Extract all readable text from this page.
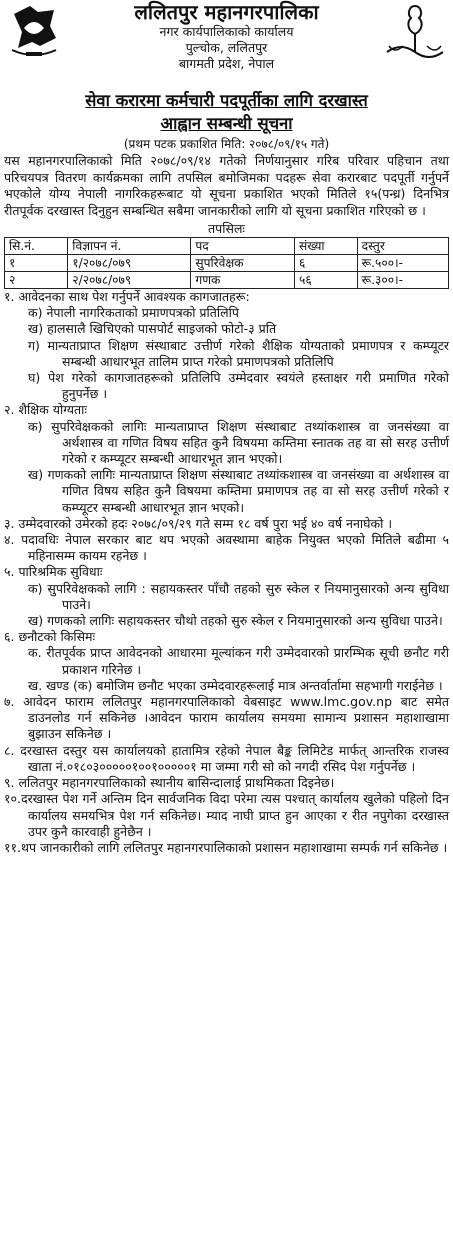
ललितपुर महानगरपालिका
नगर कार्यपालिकाको कार्यालय
पुल्चोक, ललितपुर
बागमती प्रदेश, नेपाल
सेवा करारमा कर्मचारी पदपूर्तीका लागि दरखास्त
आह्वान सम्बन्धी सूचना
(प्रथम पटक प्रकाशित मिति: २०७८/०९/१५ गते)
यस महानगरपालिकाको मिति २०७८/०९/१४ गतेको निर्णयानुसार गरिब परिवार पहिचान तथा परिचयपत्र वितरण कार्यक्रमका लागि तपसिल बमोजिमका पदहरू सेवा करारबाट पदपूर्ती गर्नुपर्ने भएकोले योग्य नेपाली नागरिकहरूबाट यो सूचना प्रकाशित भएको मितिले १५(पन्ध्र) दिनभित्र रीतपूर्वक दरखास्त दिनुहुन सम्बन्धित सबैमा जानकारीको लागि यो सूचना प्रकाशित गरिएको छ ।
तपसिलः
सि.नं.	विज्ञापन नं.	पद	संख्या	दस्तुर
१	१/२०७८/०७९	सुपरिवेक्षक	६	रू.५००।-
२	२/२०७८/०७९	गणक	५६	रू.३००।-
१. आवेदनका साथ पेश गर्नुपर्ने आवश्यक कागजातहरू:
क) नेपाली नागरिकताको प्रमाणपत्रको प्रतिलिपि
ख) हालसालै खिचिएको पासपोर्ट साइजको फोटो-३ प्रति
ग) मान्यताप्राप्त शिक्षण संस्थाबाट उत्तीर्ण गरेको शैक्षिक योग्यताको प्रमाणपत्र र कम्प्यूटर सम्बन्धी आधारभूत तालिम प्राप्त गरेको प्रमाणपत्रको प्रतिलिपि
घ) पेश गरेको कागजातहरूको प्रतिलिपि उम्मेदवार स्वयंले हस्ताक्षर गरी प्रमाणित गरेको हुनुपर्नेछ ।
२. शैक्षिक योग्यताः
क) सुपरिवेक्षकको लागिः मान्यताप्राप्त शिक्षण संस्थाबाट तथ्यांकशास्त्र वा जनसंख्या वा अर्थशास्त्र वा गणित विषय सहित कुनै विषयमा कम्तिमा स्नातक तह वा सो सरह उत्तीर्ण गरेको र कम्प्यूटर सम्बन्धी आधारभूत ज्ञान भएको।
ख) गणकको लागिः मान्यताप्राप्त शिक्षण संस्थाबाट तथ्यांकशास्त्र वा जनसंख्या वा अर्थशास्त्र वा गणित विषय सहित कुनै विषयमा कम्तिमा प्रमाणपत्र तह वा सो सरह उत्तीर्ण गरेको र कम्प्यूटर सम्बन्धी आधारभूत ज्ञान भएको।
३. उम्मेदवारको उमेरको हदः २०७८/०९/२९ गते सम्म १८ वर्ष पुरा भई ४० वर्ष ननाघेको ।
४. पदावधिः नेपाल सरकार बाट थप भएको अवस्थामा बाहेक नियुक्त भएको मितिले बढीमा ५ महिनासम्म कायम रहनेछ ।
५. पारिश्रमिक सुविधाः
क) सुपरिवेक्षकको लागि : सहायकस्तर पाँचौ तहको सुरु स्केल र नियमानुसारको अन्य सुविधा पाउने।
ख) गणकको लागिः सहायकस्तर चौथो तहको सुरु स्केल र नियमानुसारको अन्य सुविधा पाउने।
६. छनौटको किसिमः
क. रीतपूर्वक प्राप्त आवेदनको आधारमा मूल्यांकन गरी उम्मेदवारको प्रारम्भिक सूची छनौट गरी प्रकाशन गरिनेछ ।
ख. खण्ड (क) बमोजिम छनौट भएका उम्मेदवारहरूलाई मात्र अन्तर्वार्तामा सहभागी गराईनेछ ।
७. आवेदन फाराम ललितपुर महानगरपालिकाको वेबसाइट www.lmc.gov.np बाट समेत डाउनलोड गर्न सकिनेछ ।आवेदन फाराम कार्यालय समयमा सामान्य प्रशासन महाशाखामा बुझाउन सकिनेछ ।
८. दरखास्त दस्तुर यस कार्यालयको हातामित्र रहेको नेपाल बैङ्क लिमिटेड मार्फत् आन्तरिक राजस्व खाता नं.०१८०३०००००१००१०००००१ मा जम्मा गरी सो को नगदी रसिद पेश गर्नुपर्नेछ ।
९. ललितपुर महानगरपालिकाको स्थानीय बासिन्दालाई प्राथमिकता दिइनेछ।
१०.दरखास्त पेश गर्ने अन्तिम दिन सार्वजनिक विदा परेमा त्यस पश्चात् कार्यालय खुलेको पहिलो दिन कार्यालय समयभित्र पेश गर्न सकिनेछ। म्याद नाघी प्राप्त हुन आएका र रीत नपुगेका दरखास्त उपर कुनै कारवाही हुनेछैन ।
११.थप जानकारीको लागि ललितपुर महानगरपालिकाको प्रशासन महाशाखामा सम्पर्क गर्न सकिनेछ ।
